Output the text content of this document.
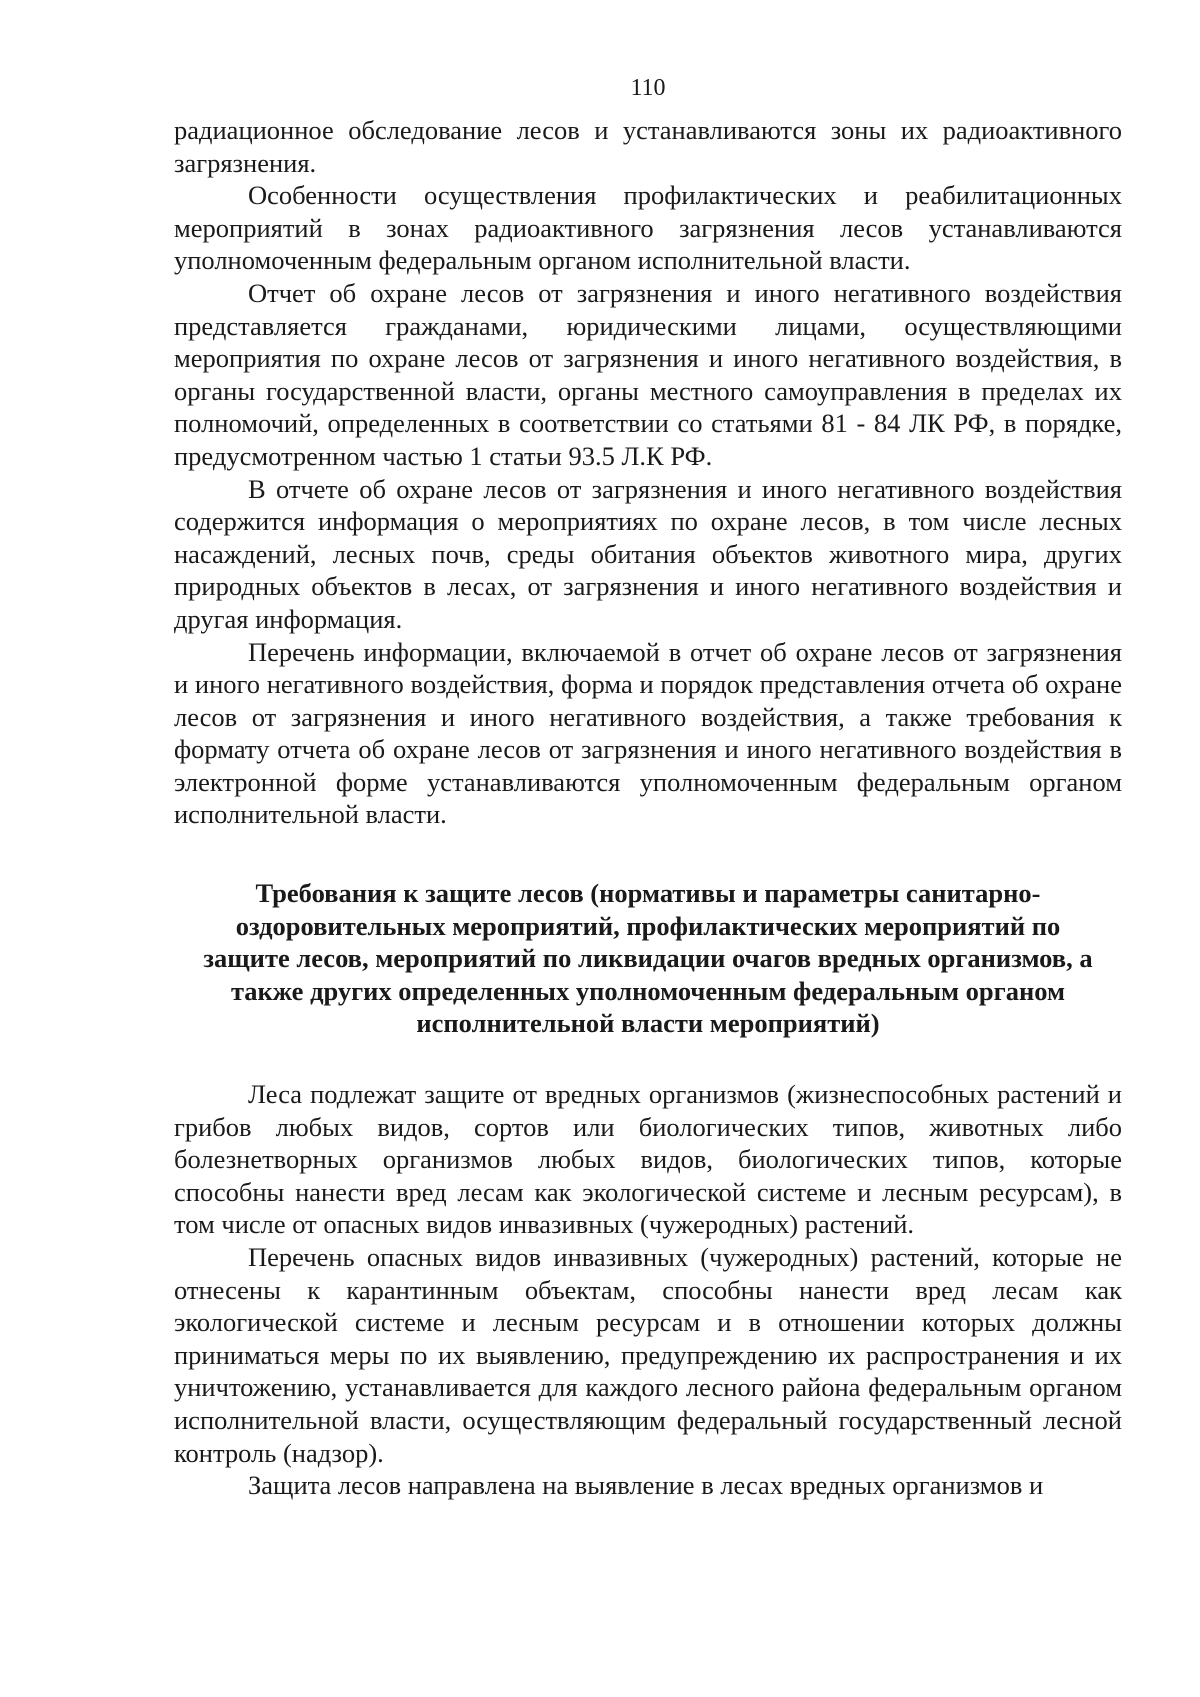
110

радиационное обследование лесов и устанавливаются зоны их радиоактивного загрязнения.

Особенности осуществления профилактических и реабилитационных мероприятий в зонах радиоактивного загрязнения лесов устанавливаются уполномоченным федеральным органом исполнительной власти.

Отчет об охране лесов от загрязнения и иного негативного воздействия представляется гражданами, юридическими лицами, осуществляющими мероприятия по охране лесов от загрязнения и иного негативного воздействия, в органы государственной власти, органы местного самоуправления в пределах их полномочий, определенных в соответствии со статьями 81 - 84 ЛК РФ, в порядке, предусмотренном частью 1 статьи 93.5 Л.К РФ.

В отчете об охране лесов от загрязнения и иного негативного воздействия содержится информация о мероприятиях по охране лесов, в том числе лесных насаждений, лесных почв, среды обитания объектов животного мира, других природных объектов в лесах, от загрязнения и иного негативного воздействия и другая информация.

Перечень информации, включаемой в отчет об охране лесов от загрязнения и иного негативного воздействия, форма и порядок представления отчета об охране лесов от загрязнения и иного негативного воздействия, а также требования к формату отчета об охране лесов от загрязнения и иного негативного воздействия в электронной форме устанавливаются уполномоченным федеральным органом исполнительной власти.

Требования к защите лесов (нормативы и параметры санитарно-оздоровительных мероприятий, профилактических мероприятий по защите лесов, мероприятий по ликвидации очагов вредных организмов, а также других определенных уполномоченным федеральным органом исполнительной власти мероприятий)

Леса подлежат защите от вредных организмов (жизнеспособных растений и грибов любых видов, сортов или биологических типов, животных либо болезнетворных организмов любых видов, биологических типов, которые способны нанести вред лесам как экологической системе и лесным ресурсам), в том числе от опасных видов инвазивных (чужеродных) растений.

Перечень опасных видов инвазивных (чужеродных) растений, которые не отнесены к карантинным объектам, способны нанести вред лесам как экологической системе и лесным ресурсам и в отношении которых должны приниматься меры по их выявлению, предупреждению их распространения и их уничтожению, устанавливается для каждого лесного района федеральным органом исполнительной власти, осуществляющим федеральный государственный лесной контроль (надзор).

Защита лесов направлена на выявление в лесах вредных организмов и
